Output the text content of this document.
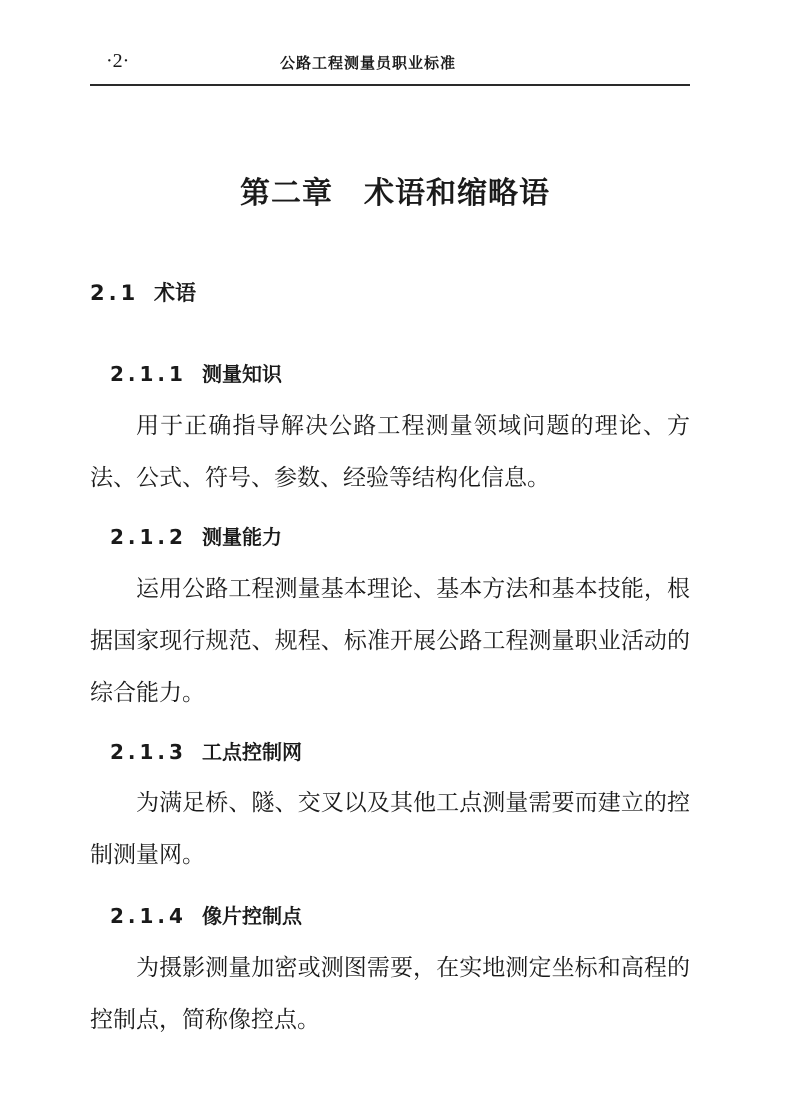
·2·	公路工程测量员职业标准
第二章　术语和缩略语
2.1 术语
2.1.1 测量知识

用于正确指导解决公路工程测量领域问题的理论、方法、公式、符号、参数、经验等结构化信息。

2.1.2 测量能力

运用公路工程测量基本理论、基本方法和基本技能，根据国家现行规范、规程、标准开展公路工程测量职业活动的综合能力。

2.1.3 工点控制网

为满足桥、隧、交叉以及其他工点测量需要而建立的控制测量网。

2.1.4 像片控制点

为摄影测量加密或测图需要，在实地测定坐标和高程的控制点，简称像控点。
